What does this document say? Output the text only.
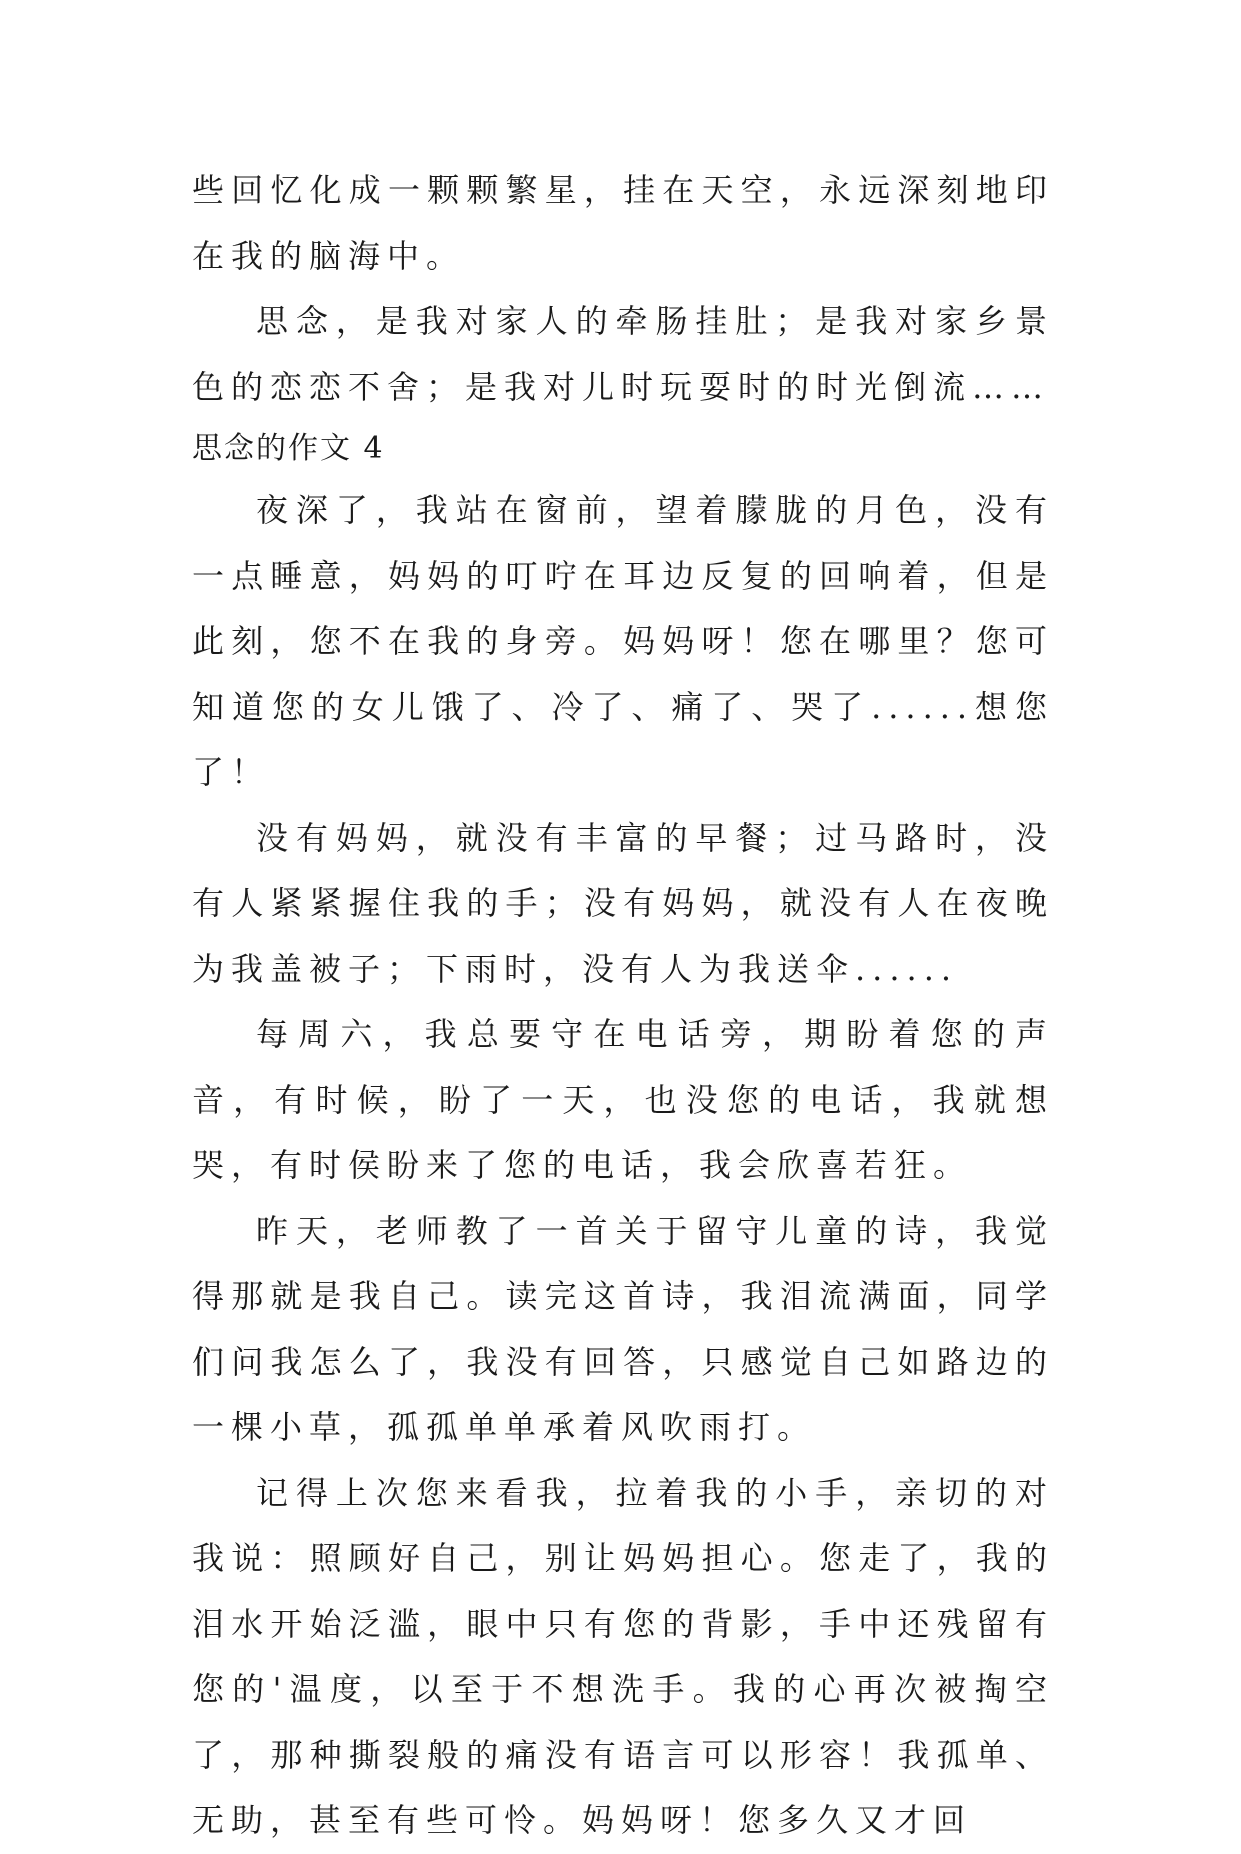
些回忆化成一颗颗繁星，挂在天空，永远深刻地印在我的脑海中。

思念，是我对家人的牵肠挂肚；是我对家乡景色的恋恋不舍；是我对儿时玩耍时的时光倒流……

思念的作文 4

夜深了，我站在窗前，望着朦胧的月色，没有一点睡意，妈妈的叮咛在耳边反复的回响着，但是此刻，您不在我的身旁。妈妈呀！您在哪里？您可知道您的女儿饿了、冷了、痛了、哭了......想您了！

没有妈妈，就没有丰富的早餐；过马路时，没有人紧紧握住我的手；没有妈妈，就没有人在夜晚为我盖被子；下雨时，没有人为我送伞......

每周六，我总要守在电话旁，期盼着您的声音，有时候，盼了一天，也没您的电话，我就想哭，有时侯盼来了您的电话，我会欣喜若狂。

昨天，老师教了一首关于留守儿童的诗，我觉得那就是我自己。读完这首诗，我泪流满面，同学们问我怎么了，我没有回答，只感觉自己如路边的一棵小草，孤孤单单承着风吹雨打。

记得上次您来看我，拉着我的小手，亲切的对我说：照顾好自己，别让妈妈担心。您走了，我的泪水开始泛滥，眼中只有您的背影，手中还残留有您的'温度，以至于不想洗手。我的心再次被掏空了，那种撕裂般的痛没有语言可以形容！我孤单、无助，甚至有些可怜。妈妈呀！您多久又才回
